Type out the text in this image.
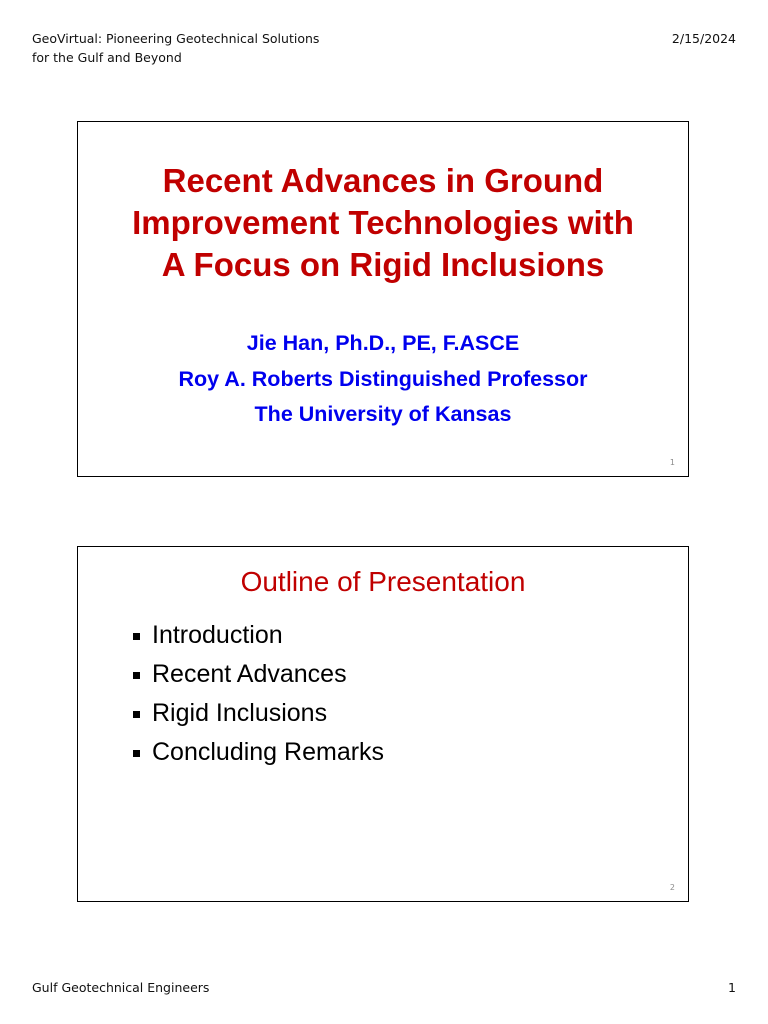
GeoVirtual: Pioneering Geotechnical Solutions
for the Gulf and Beyond
2/15/2024
Recent Advances in Ground
Improvement Technologies with
A Focus on Rigid Inclusions
Jie Han, Ph.D., PE, F.ASCE
Roy A. Roberts Distinguished Professor
The University of Kansas
1
Outline of Presentation
Introduction
Recent Advances
Rigid Inclusions
Concluding Remarks
2
Gulf Geotechnical Engineers	1
